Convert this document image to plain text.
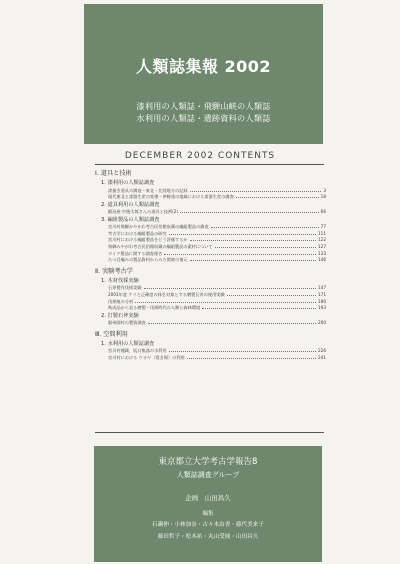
人類誌集報 2002
漆利用の人類誌・飛騨山峡の人類誌
水利用の人類誌・遺跡資料の人類誌
DECEMBER 2002 CONTENTS
Ⅰ. 道具と技術
1. 漆利用の人類誌調査
漆掻き道具の調査－東北・北陸地方の記録	3
現代東北と漆器生産の変遷－津軽塗の地域における漆器生産の調査	18
2. 道具利用の人類誌調査
鍛冶屋 中後太郎さんの道具と技術(2)	66
3. 編組製品の人類誌調査
宮川村飛騨かやかわ考古民俗館収蔵の編組製品の調査	77
考古学における編組製品の研究	111
宮川村における編組製品をどう評価するか	122
飛騨みやがわ考古民俗館収蔵の編組製品の素材について	127
タイク製品に関する調査報告	133
たつ目編みの製品資料からみた関東の復元	146
Ⅱ. 実験考古学
1. 木材伐採実験
石斧製作伐採実験	147
2001年度 ケリと正確度の体を対象とする磨製石斧の使用実験	171
伐採痕の分析	190
秋成品から見る磨製・伐採時代の人類と森林環境	193
2. 打製石斧実験
磐州園村の製資調査	200
Ⅲ. 空間利用
1. 水利用の人類誌調査
宮川村種蔵、坂口集落の水利用	226
宮川村における ウオヤ（堤き場）の利用	241
東京都立大学考古学報告8
人類誌調査グループ
企画　山田昌久
編集
石瀬伸・小林加奈・古々木由香・藤代美来子
藤田哲子・松本祐・丸山受純・山田昌久
